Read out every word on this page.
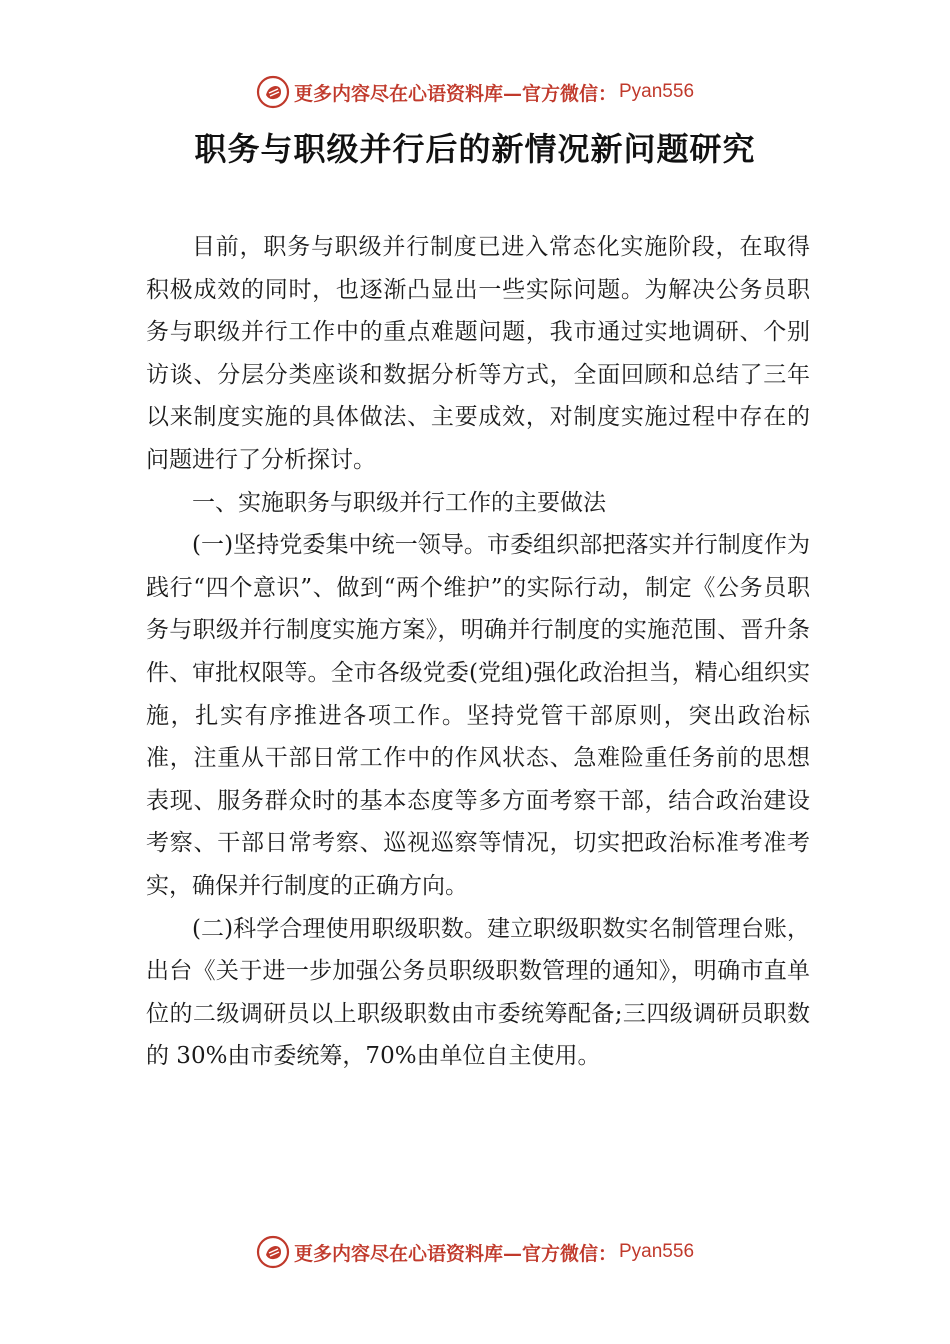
更多内容尽在心语资料库—官方微信： Pyan556
职务与职级并行后的新情况新问题研究

目前，职务与职级并行制度已进入常态化实施阶段，在取得积极成效的同时，也逐渐凸显出一些实际问题。为解决公务员职务与职级并行工作中的重点难题问题，我市通过实地调研、个别访谈、分层分类座谈和数据分析等方式，全面回顾和总结了三年以来制度实施的具体做法、主要成效，对制度实施过程中存在的问题进行了分析探讨。

一、实施职务与职级并行工作的主要做法

(一)坚持党委集中统一领导。市委组织部把落实并行制度作为践行“四个意识”、做到“两个维护”的实际行动，制定《公务员职务与职级并行制度实施方案》，明确并行制度的实施范围、晋升条件、审批权限等。全市各级党委(党组)强化政治担当，精心组织实施，扎实有序推进各项工作。坚持党管干部原则，突出政治标准，注重从干部日常工作中的作风状态、急难险重任务前的思想表现、服务群众时的基本态度等多方面考察干部，结合政治建设考察、干部日常考察、巡视巡察等情况，切实把政治标准考准考实，确保并行制度的正确方向。

(二)科学合理使用职级职数。建立职级职数实名制管理台账，出台《关于进一步加强公务员职级职数管理的通知》，明确市直单位的二级调研员以上职级职数由市委统筹配备;三四级调研员职数的 30%由市委统筹，70%由单位自主使用。

更多内容尽在心语资料库—官方微信： Pyan556
